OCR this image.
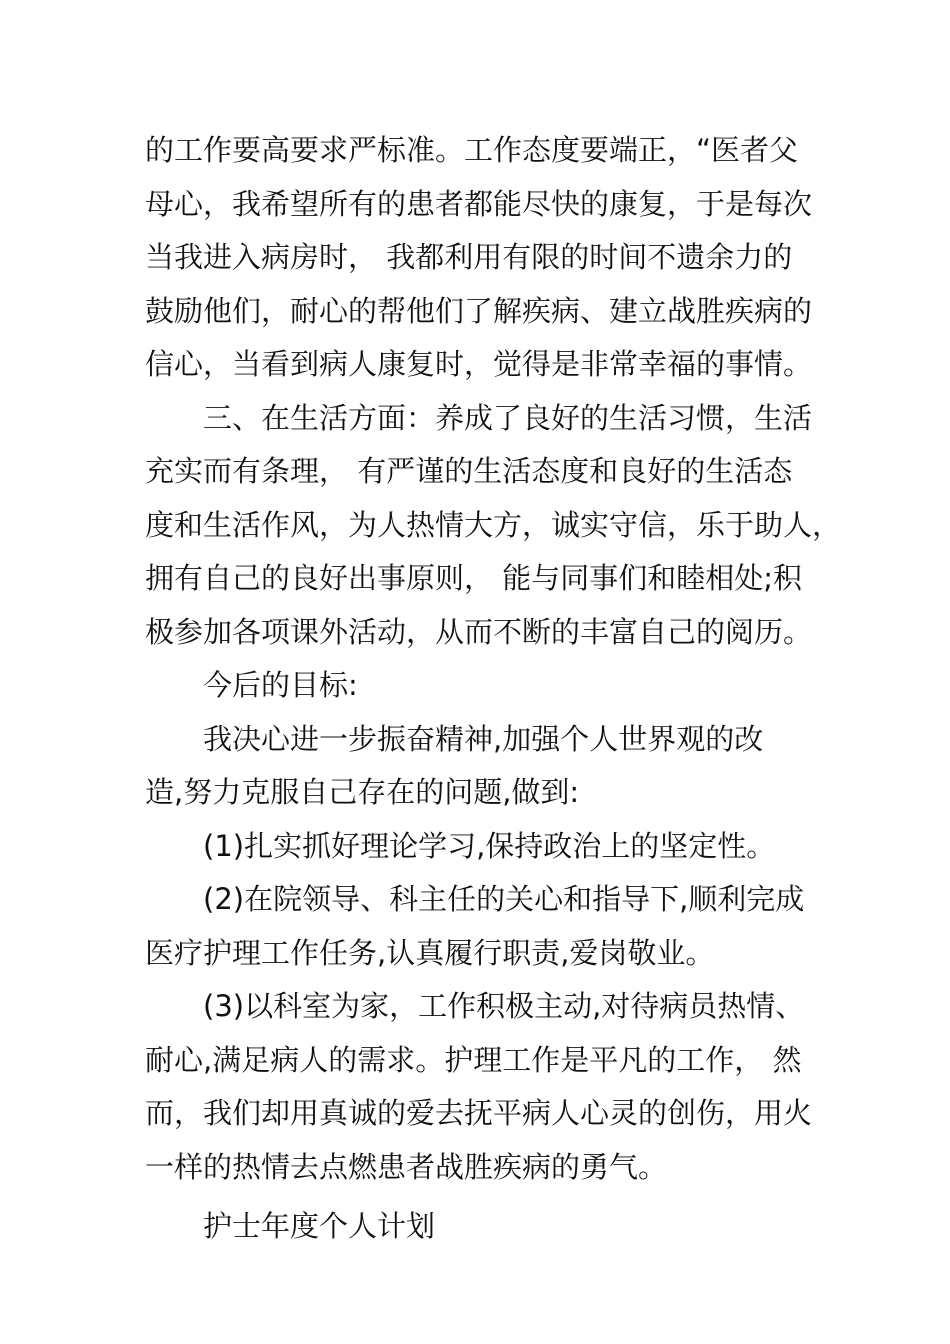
的工作要高要求严标准。工作态度要端正，“医者父

母心，我希望所有的患者都能尽快的康复，于是每次

当我进入病房时， 我都利用有限的时间不遗余力的

鼓励他们，耐心的帮他们了解疾病、建立战胜疾病的

信心，当看到病人康复时，觉得是非常幸福的事情。

三、在生活方面：养成了良好的生活习惯，生活

充实而有条理， 有严谨的生活态度和良好的生活态

度和生活作风，为人热情大方，诚实守信，乐于助人，

拥有自己的良好出事原则， 能与同事们和睦相处;积

极参加各项课外活动，从而不断的丰富自己的阅历。

今后的目标:

我决心进一步振奋精神,加强个人世界观的改

造,努力克服自己存在的问题,做到:

(1)扎实抓好理论学习,保持政治上的坚定性。

(2)在院领导、科主任的关心和指导下,顺利完成

医疗护理工作任务,认真履行职责,爱岗敬业。

(3)以科室为家，工作积极主动,对待病员热情、

耐心,满足病人的需求。护理工作是平凡的工作， 然

而，我们却用真诚的爱去抚平病人心灵的创伤，用火

一样的热情去点燃患者战胜疾病的勇气。

护士年度个人计划
